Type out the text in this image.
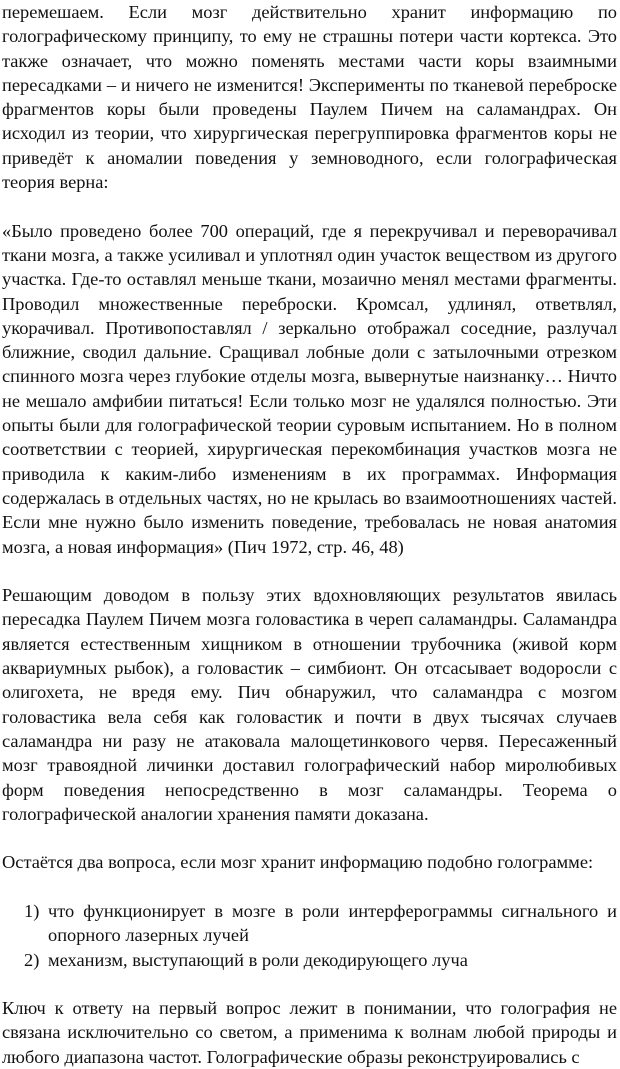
перемешаем. Если мозг действительно хранит информацию по голографическому принципу, то ему не страшны потери части кортекса. Это также означает, что можно поменять местами части коры взаимными пересадками – и ничего не изменится! Эксперименты по тканевой переброске фрагментов коры были проведены Паулем Пичем на саламандрах. Он исходил из теории, что хирургическая перегруппировка фрагментов коры не приведёт к аномалии поведения у земноводного, если голографическая теория верна:

«Было проведено более 700 операций, где я перекручивал и переворачивал ткани мозга, а также усиливал и уплотнял один участок веществом из другого участка. Где-то оставлял меньше ткани, мозаично менял местами фрагменты. Проводил множественные переброски. Кромсал, удлинял, ответвлял, укорачивал. Противопоставлял / зеркально отображал соседние, разлучал ближние, сводил дальние. Сращивал лобные доли с затылочными отрезком спинного мозга через глубокие отделы мозга, вывернутые наизнанку… Ничто не мешало амфибии питаться! Если только мозг не удалялся полностью. Эти опыты были для голографической теории суровым испытанием. Но в полном соответствии с теорией, хирургическая перекомбинация участков мозга не приводила к каким-либо изменениям в их программах. Информация содержалась в отдельных частях, но не крылась во взаимоотношениях частей. Если мне нужно было изменить поведение, требовалась не новая анатомия мозга, а новая информация» (Пич 1972, стр. 46, 48)

Решающим доводом в пользу этих вдохновляющих результатов явилась пересадка Паулем Пичем мозга головастика в череп саламандры. Саламандра является естественным хищником в отношении трубочника (живой корм аквариумных рыбок), а головастик – симбионт. Он отсасывает водоросли с олигохета, не вредя ему. Пич обнаружил, что саламандра с мозгом головастика вела себя как головастик и почти в двух тысячах случаев саламандра ни разу не атаковала малощетинкового червя. Пересаженный мозг травоядной личинки доставил голографический набор миролюбивых форм поведения непосредственно в мозг саламандры. Теорема о голографической аналогии хранения памяти доказана.

Остаётся два вопроса, если мозг хранит информацию подобно голограмме:

1) что функционирует в мозге в роли интерферограммы сигнального и опорного лазерных лучей
2) механизм, выступающий в роли декодирующего луча

Ключ к ответу на первый вопрос лежит в понимании, что голография не связана исключительно со светом, а применима к волнам любой природы и любого диапазона частот. Голографические образы реконструировались с
